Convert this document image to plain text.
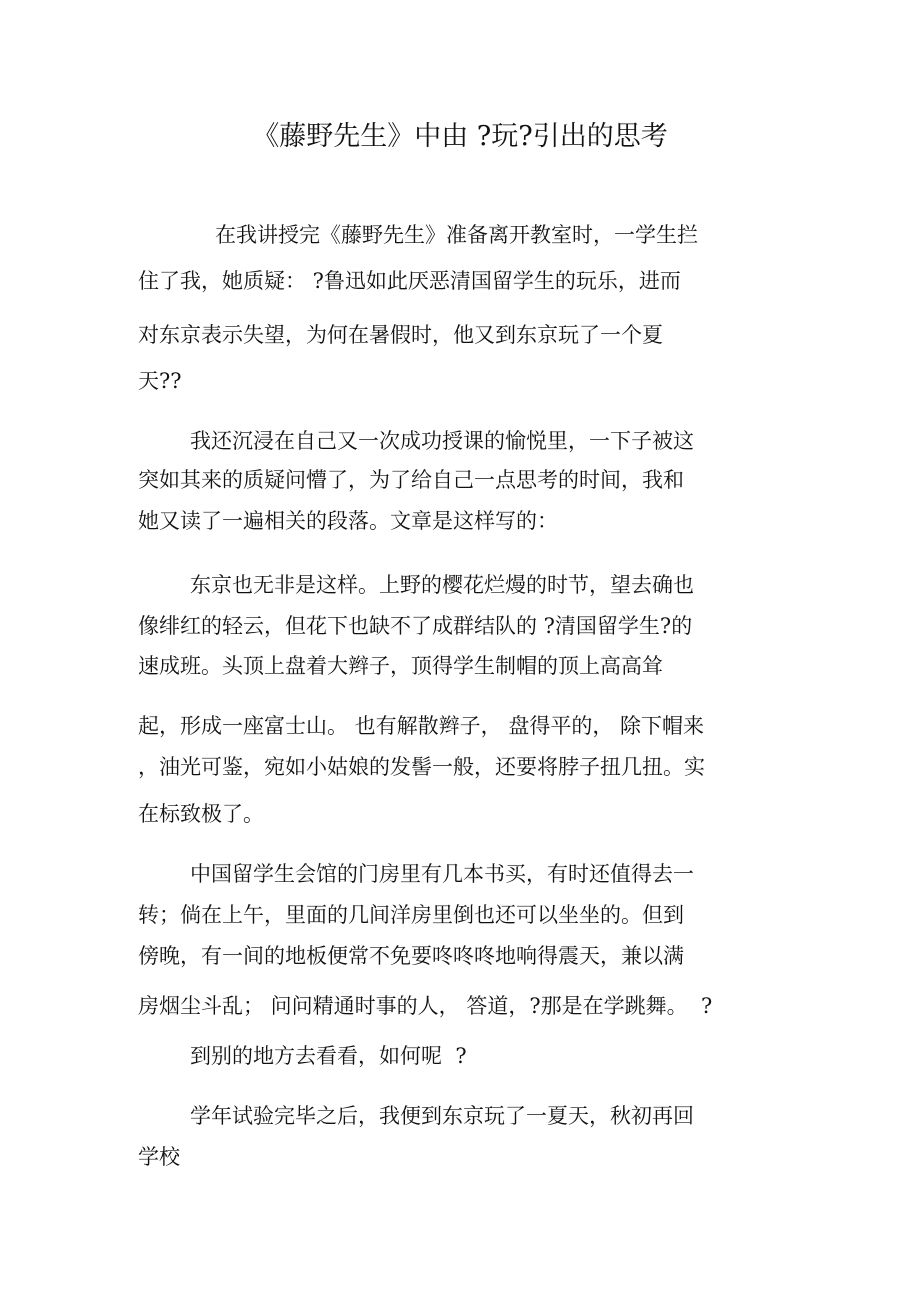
《藤野先生》中由 ?玩?引出的思考
在我讲授完《藤野先生》准备离开教室时，一学生拦
住了我，她质疑： ?鲁迅如此厌恶清国留学生的玩乐，进而
对东京表示失望，为何在暑假时，他又到东京玩了一个夏
天??
我还沉浸在自己又一次成功授课的愉悦里，一下子被这
突如其来的质疑问懵了，为了给自己一点思考的时间，我和
她又读了一遍相关的段落。文章是这样写的：
东京也无非是这样。上野的樱花烂熳的时节，望去确也
像绯红的轻云，但花下也缺不了成群结队的 ?清国留学生?的
速成班。头顶上盘着大辫子，顶得学生制帽的顶上高高耸
起，形成一座富士山。 也有解散辫子， 盘得平的， 除下帽来
，油光可鉴，宛如小姑娘的发髻一般，还要将脖子扭几扭。实
在标致极了。
中国留学生会馆的门房里有几本书买，有时还值得去一
转；倘在上午，里面的几间洋房里倒也还可以坐坐的。但到
傍晚，有一间的地板便常不免要咚咚咚地响得震天，兼以满
房烟尘斗乱； 问问精通时事的人， 答道，?那是在学跳舞。  ?
到别的地方去看看，如何呢  ?
学年试验完毕之后，我便到东京玩了一夏天，秋初再回
学校
